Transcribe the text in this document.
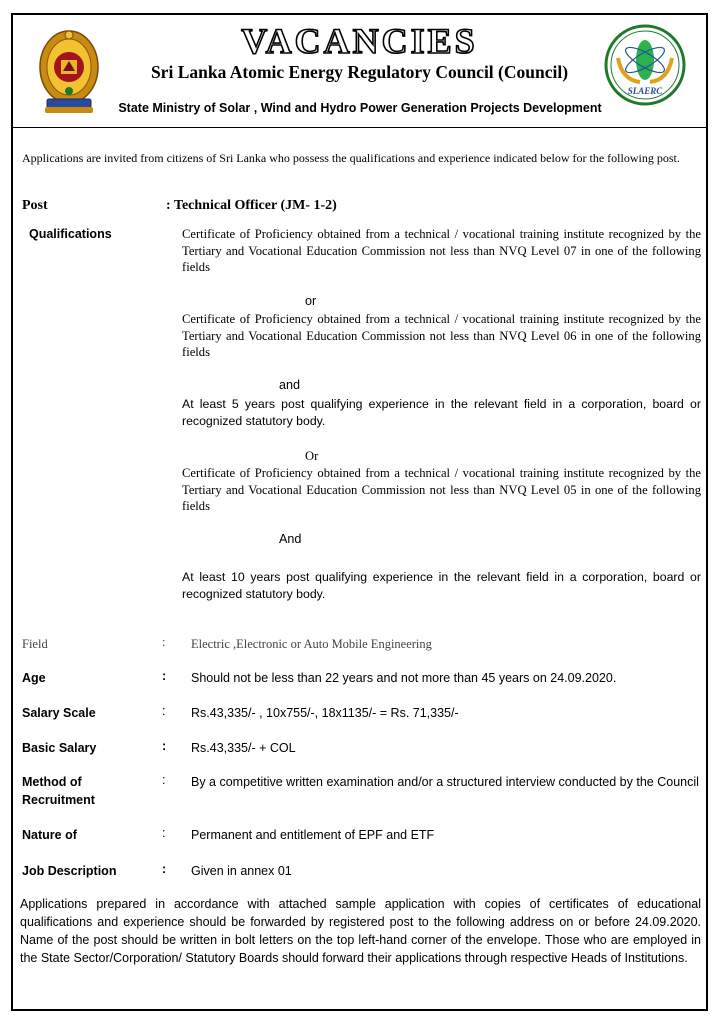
SLAERC
VACANCIES
Sri Lanka Atomic Energy Regulatory Council (Council)
State Ministry of Solar , Wind and Hydro Power Generation Projects Development
Applications are invited from citizens of Sri Lanka who possess the qualifications and experience indicated below for the following post.
Post	: Technical Officer (JM- 1-2)
Qualifications	Certificate of Proficiency obtained from a technical / vocational training institute recognized by the Tertiary and Vocational Education Commission not less than NVQ Level 07 in one of the following fields
or
Certificate of Proficiency obtained from a technical / vocational training institute recognized by the Tertiary and Vocational Education Commission not less than NVQ Level 06 in one of the following fields
and
At least 5 years post qualifying experience in the relevant field in a corporation, board or recognized statutory body.
Or
Certificate of Proficiency obtained from a technical / vocational training institute recognized by the Tertiary and Vocational Education Commission not less than NVQ Level 05 in one of the following fields
And
At least 10 years post qualifying experience in the relevant field in a corporation, board or recognized statutory body.
Field	: Electric ,Electronic or Auto Mobile Engineering
Age	: Should not be less than 22 years and not more than 45 years on 24.09.2020.
Salary Scale	: Rs.43,335/- , 10x755/-, 18x1135/- = Rs. 71,335/-
Basic Salary	: Rs.43,335/- + COL
Method of Recruitment
: By a competitive written examination and/or a structured interview conducted by the Council
Nature of	: Permanent and entitlement of EPF and ETF
Job Description	: Given in annex 01
Applications prepared in accordance with attached sample application with copies of certificates of educational qualifications and experience should be forwarded by registered post to the following address on or before 24.09.2020. Name of the post should be written in bolt letters on the top left-hand corner of the envelope. Those who are employed in the State Sector/Corporation/ Statutory Boards should forward their applications through respective Heads of Institutions.
